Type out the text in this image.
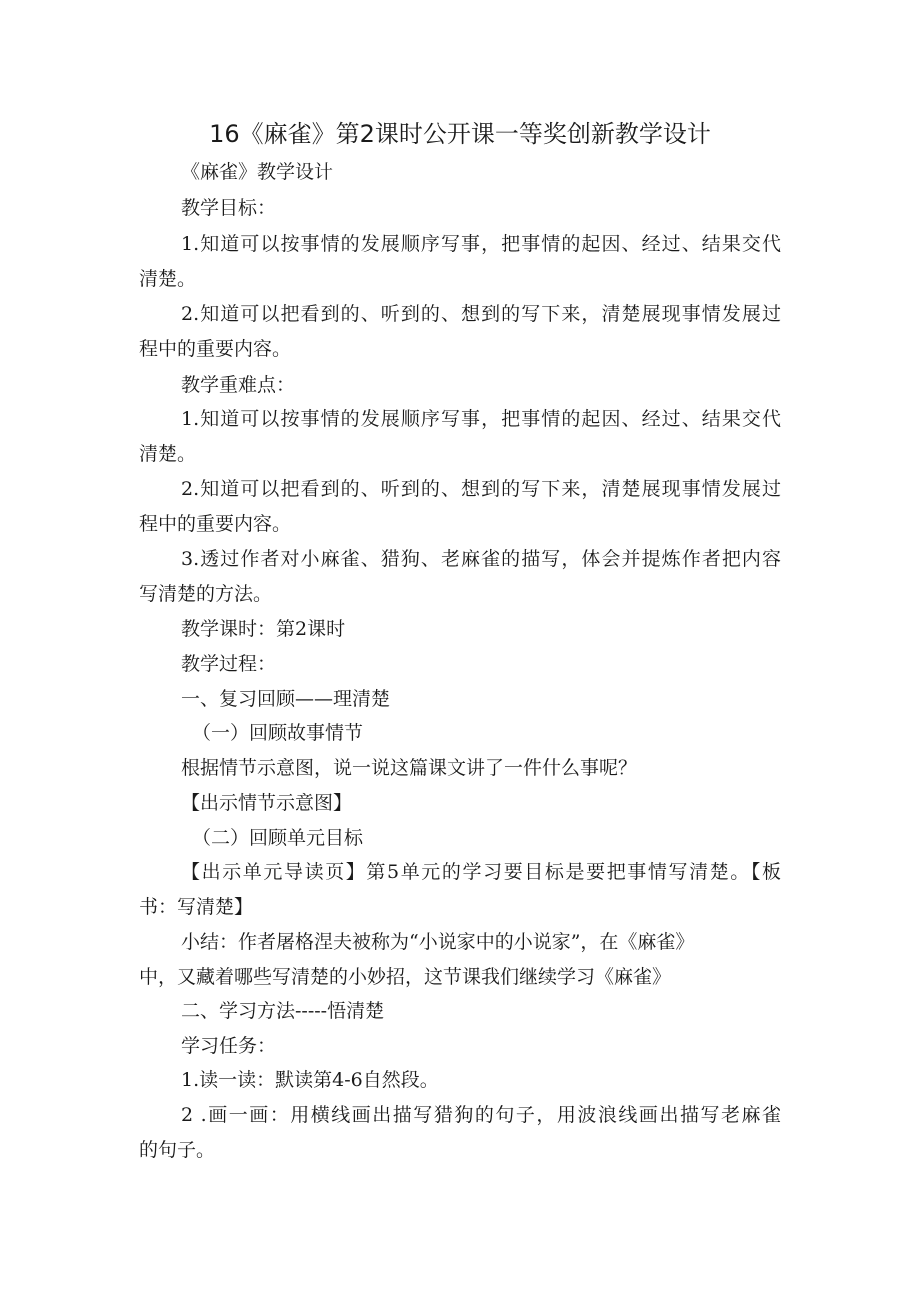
16《麻雀》第2课时公开课一等奖创新教学设计
《麻雀》教学设计
教学目标：
1.知道可以按事情的发展顺序写事，把事情的起因、经过、结果交代
清楚。
2.知道可以把看到的、听到的、想到的写下来，清楚展现事情发展过
程中的重要内容。
教学重难点：
1.知道可以按事情的发展顺序写事，把事情的起因、经过、结果交代
清楚。
2.知道可以把看到的、听到的、想到的写下来，清楚展现事情发展过
程中的重要内容。
3.透过作者对小麻雀、猎狗、老麻雀的描写，体会并提炼作者把内容
写清楚的方法。
教学课时：第2课时
教学过程：
一、复习回顾——理清楚
（一）回顾故事情节
根据情节示意图，说一说这篇课文讲了一件什么事呢？
【出示情节示意图】
（二）回顾单元目标
【出示单元导读页】第5单元的学习要目标是要把事情写清楚。【板
书：写清楚】
小结：作者屠格涅夫被称为“小说家中的小说家”，在《麻雀》
中，又藏着哪些写清楚的小妙招，这节课我们继续学习《麻雀》
二、学习方法-----悟清楚
学习任务：
1.读一读：默读第4-6自然段。
2 .画一画：用横线画出描写猎狗的句子，用波浪线画出描写老麻雀
的句子。
